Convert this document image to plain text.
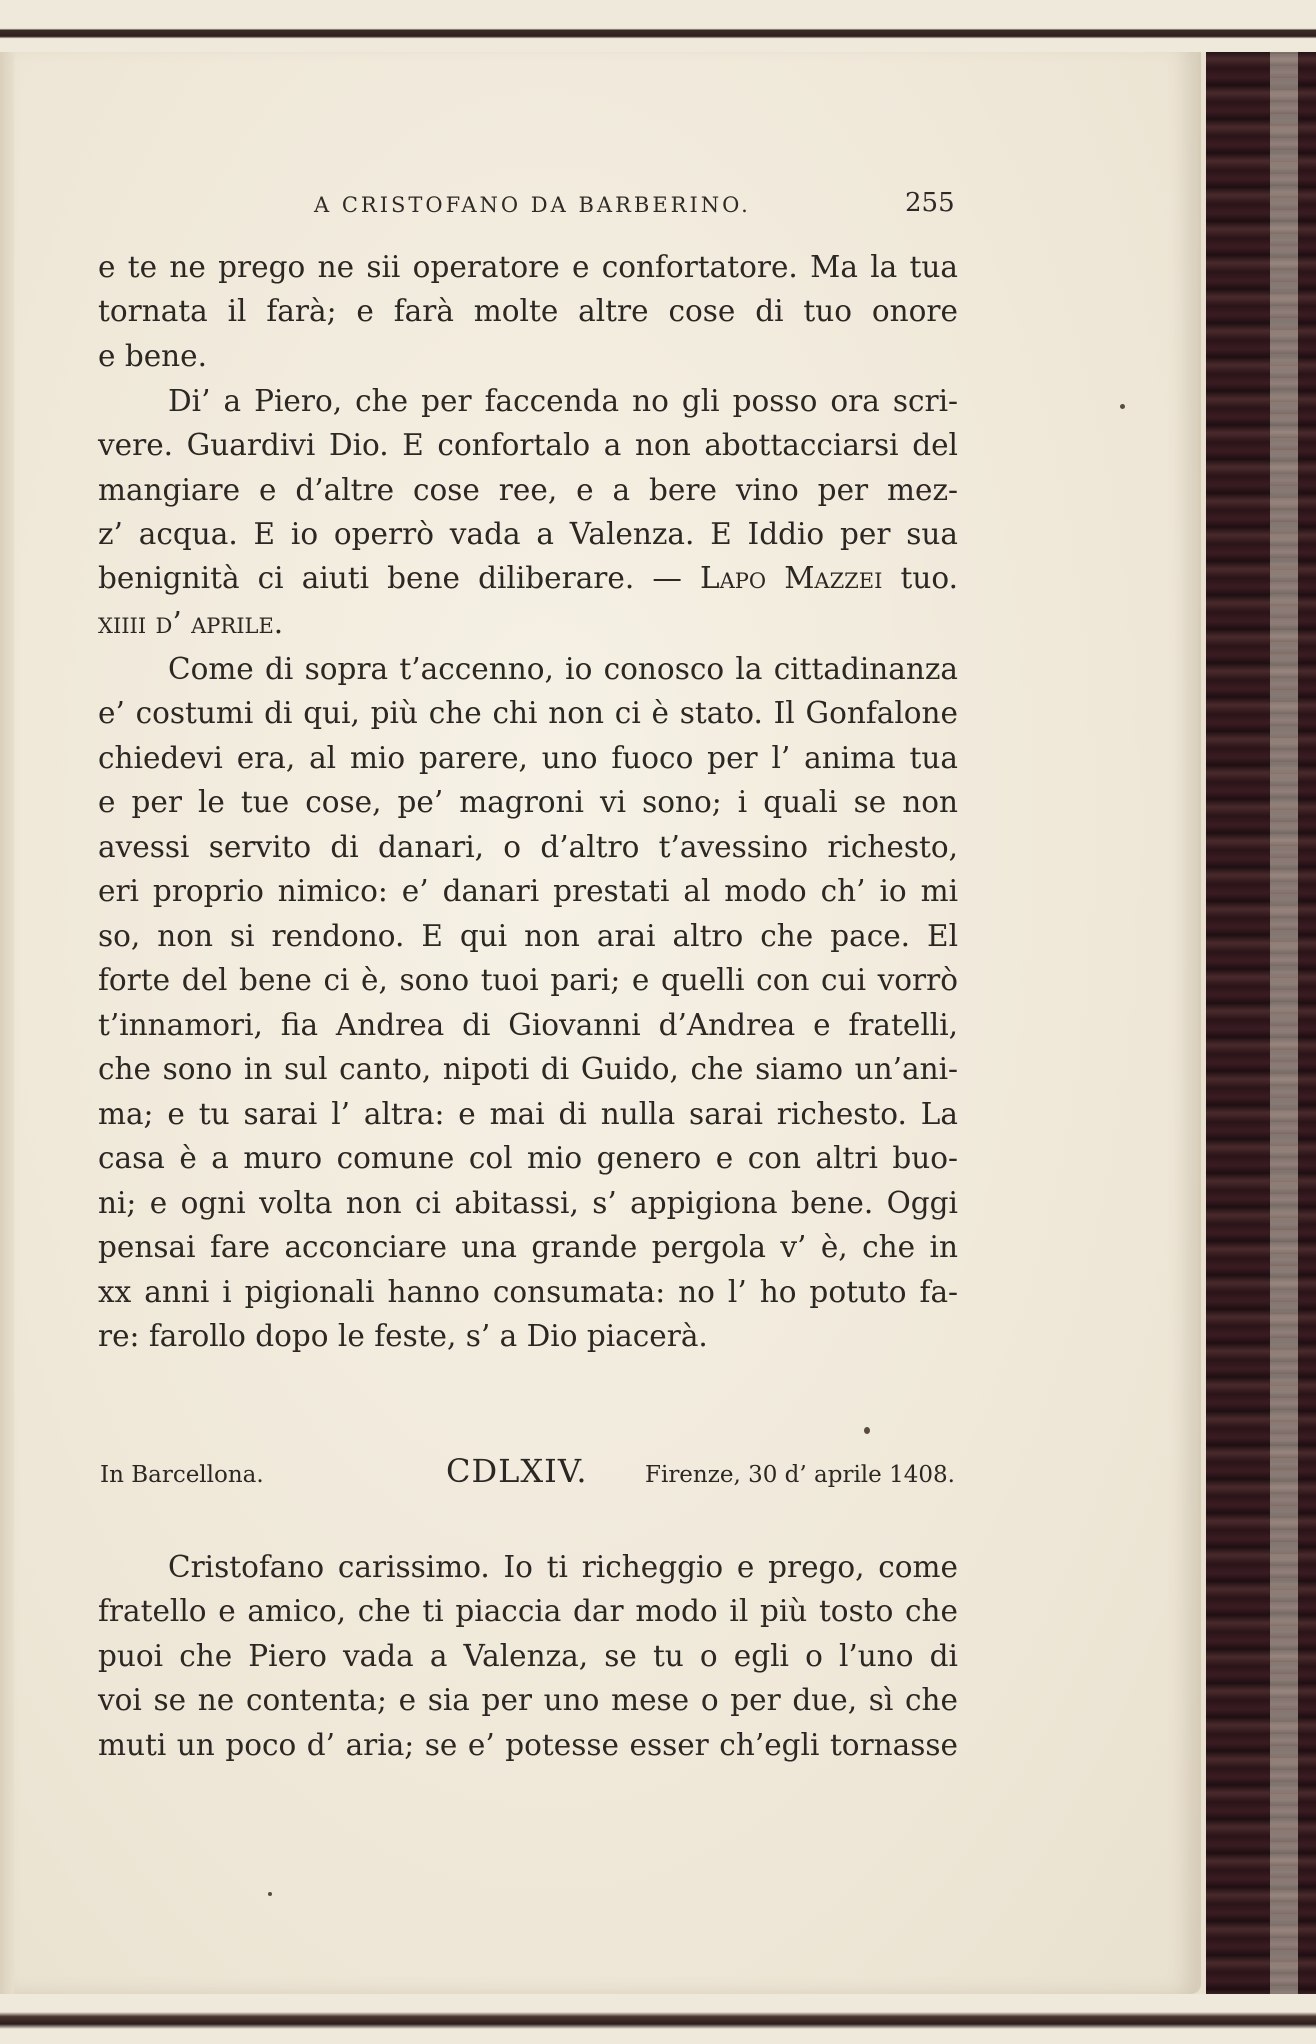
A CRISTOFANO DA BARBERINO.	255
e te ne prego ne sii operatore e confortatore. Ma la tua
tornata il farà; e farà molte altre cose di tuo onore
e bene.
Di’ a Piero, che per faccenda no gli posso ora scri-
vere. Guardivi Dio. E confortalo a non abottacciarsi del
mangiare e d’altre cose ree, e a bere vino per mez-
z’ acqua. E io operrò vada a Valenza. E Iddio per sua
benignità ci aiuti bene diliberare. — Lapo Mazzei tuo.
xiiii d’ aprile.
Come di sopra t’accenno, io conosco la cittadinanza
e’ costumi di qui, più che chi non ci è stato. Il Gonfalone
chiedevi era, al mio parere, uno fuoco per l’ anima tua
e per le tue cose, pe’ magroni vi sono; i quali se non
avessi servito di danari, o d’altro t’avessino richesto,
eri proprio nimico: e’ danari prestati al modo ch’ io mi
so, non si rendono. E qui non arai altro che pace. El
forte del bene ci è, sono tuoi pari; e quelli con cui vorrò
t’innamori, fia Andrea di Giovanni d’Andrea e fratelli,
che sono in sul canto, nipoti di Guido, che siamo un’ani-
ma; e tu sarai l’ altra: e mai di nulla sarai richesto. La
casa è a muro comune col mio genero e con altri buo-
ni; e ogni volta non ci abitassi, s’ appigiona bene. Oggi
pensai fare acconciare una grande pergola v’ è, che in
xx anni i pigionali hanno consumata: no l’ ho potuto fa-
re: farollo dopo le feste, s’ a Dio piacerà.
In Barcellona.	CDLXIV.	Firenze, 30 d’ aprile 1408.
Cristofano carissimo. Io ti richeggio e prego, come
fratello e amico, che ti piaccia dar modo il più tosto che
puoi che Piero vada a Valenza, se tu o egli o l’uno di
voi se ne contenta; e sia per uno mese o per due, sì che
muti un poco d’ aria; se e’ potesse esser ch’egli tornasse
